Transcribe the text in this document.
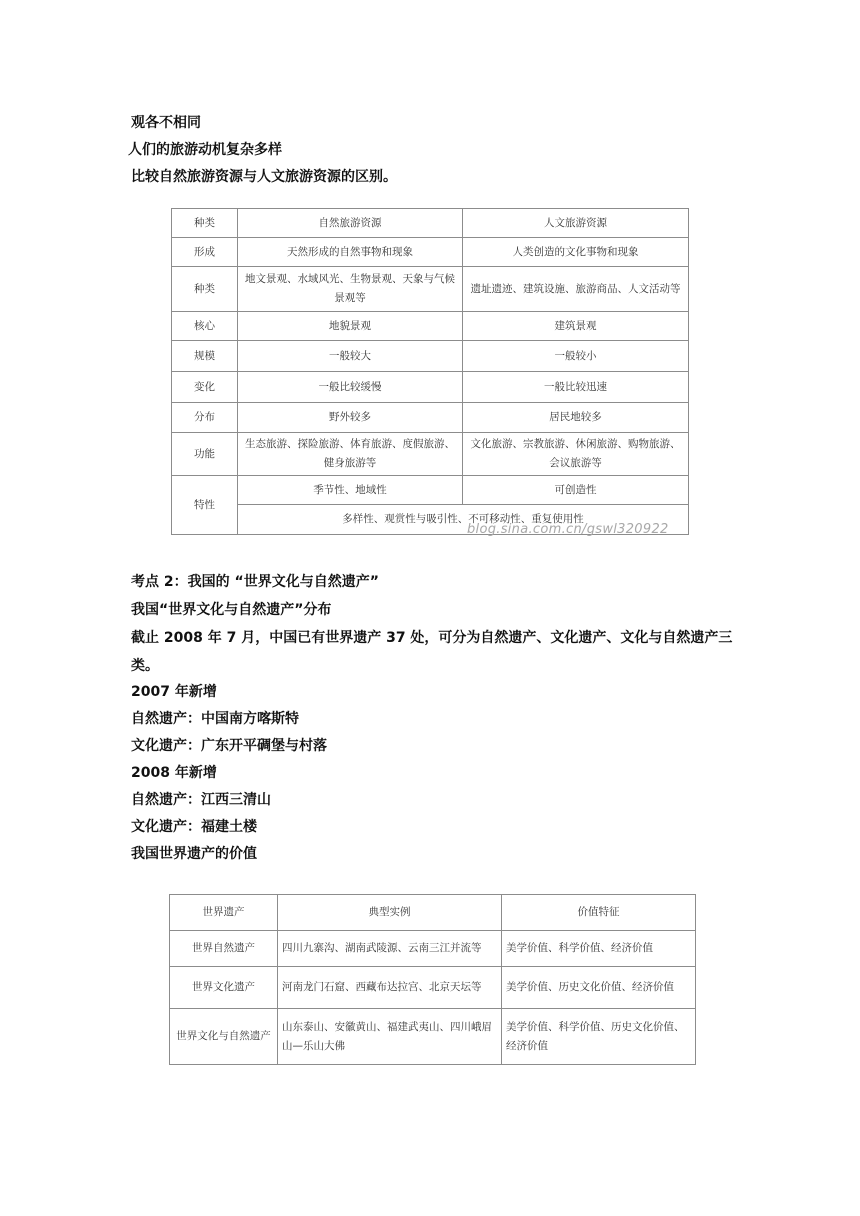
观各不相同
人们的旅游动机复杂多样
比较自然旅游资源与人文旅游资源的区别。
种类	自然旅游资源	人文旅游资源
形成	天然形成的自然事物和现象	人类创造的文化事物和现象
种类	地文景观、水域风光、生物景观、天象与气候景观等	遗址遗迹、建筑设施、旅游商品、人文活动等
核心	地貌景观	建筑景观
规模	一般较大	一般较小
变化	一般比较缓慢	一般比较迅速
分布	野外较多	居民地较多
功能	生态旅游、探险旅游、体育旅游、度假旅游、健身旅游等	文化旅游、宗教旅游、休闲旅游、购物旅游、会议旅游等
特性	季节性、地域性	可创造性
	多样性、观赏性与吸引性、不可移动性、重复使用性	
blog.sina.com.cn/gswl320922
考点 2：我国的 “世界文化与自然遗产”
我国“世界文化与自然遗产”分布
截止 2008 年 7 月，中国已有世界遗产 37 处，可分为自然遗产、文化遗产、文化与自然遗产三类。
2007 年新增
自然遗产：中国南方喀斯特
文化遗产：广东开平碉堡与村落
2008 年新增
自然遗产：江西三清山
文化遗产：福建土楼
我国世界遗产的价值
世界遗产	典型实例	价值特征
世界自然遗产	四川九寨沟、湖南武陵源、云南三江并流等	美学价值、科学价值、经济价值
世界文化遗产	河南龙门石窟、西藏布达拉宫、北京天坛等	美学价值、历史文化价值、经济价值
世界文化与自然遗产	山东泰山、安徽黄山、福建武夷山、四川峨眉山—乐山大佛	美学价值、科学价值、历史文化价值、经济价值
